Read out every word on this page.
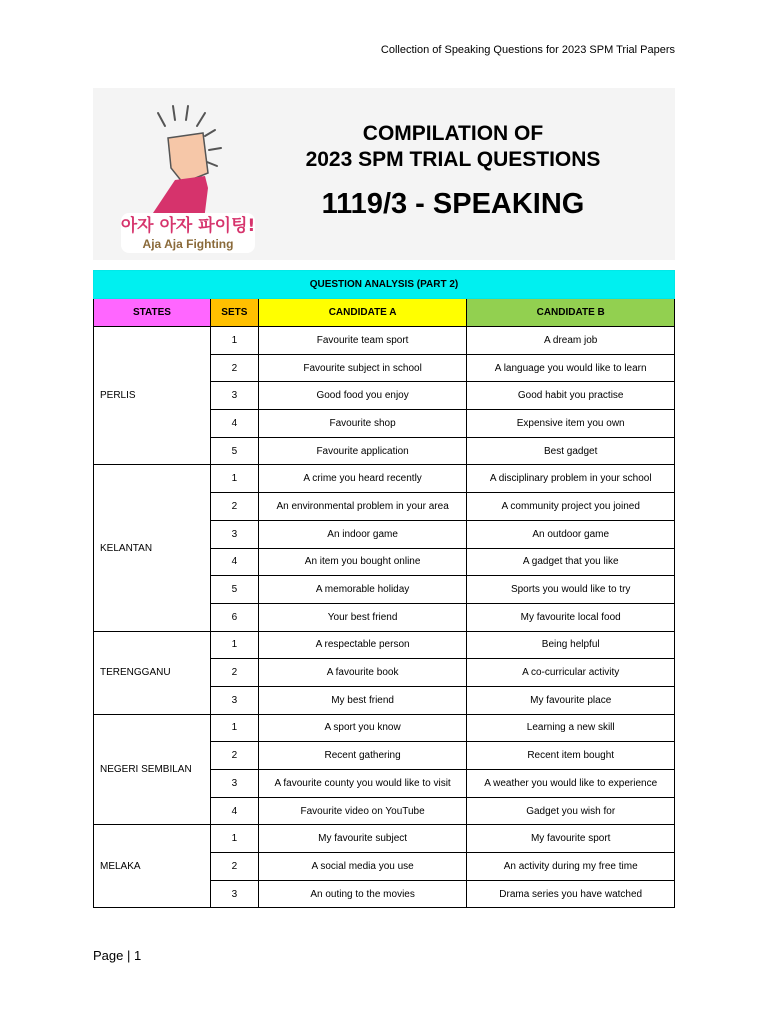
Collection of Speaking Questions for 2023 SPM Trial Papers
아자 아자 파이팅!
Aja Aja Fighting
COMPILATION OF
2023 SPM TRIAL QUESTIONS
1119/3 - SPEAKING
QUESTION ANALYSIS (PART 2)			
STATES	SETS	CANDIDATE A	CANDIDATE B
PERLIS	1	Favourite team sport	A dream job
	2	Favourite subject in school	A language you would like to learn
	3	Good food you enjoy	Good habit you practise
	4	Favourite shop	Expensive item you own
	5	Favourite application	Best gadget
KELANTAN	1	A crime you heard recently	A disciplinary problem in your school
	2	An environmental problem in your area	A community project you joined
	3	An indoor game	An outdoor game
	4	An item you bought online	A gadget that you like
	5	A memorable holiday	Sports you would like to try
	6	Your best friend	My favourite local food
TERENGGANU	1	A respectable person	Being helpful
	2	A favourite book	A co-curricular activity
	3	My best friend	My favourite place
NEGERI SEMBILAN	1	A sport you know	Learning a new skill
	2	Recent gathering	Recent item bought
	3	A favourite county you would like to visit	A weather you would like to experience
	4	Favourite video on YouTube	Gadget you wish for
MELAKA	1	My favourite subject	My favourite sport
	2	A social media you use	An activity during my free time
	3	An outing to the movies	Drama series you have watched
Page | 1
